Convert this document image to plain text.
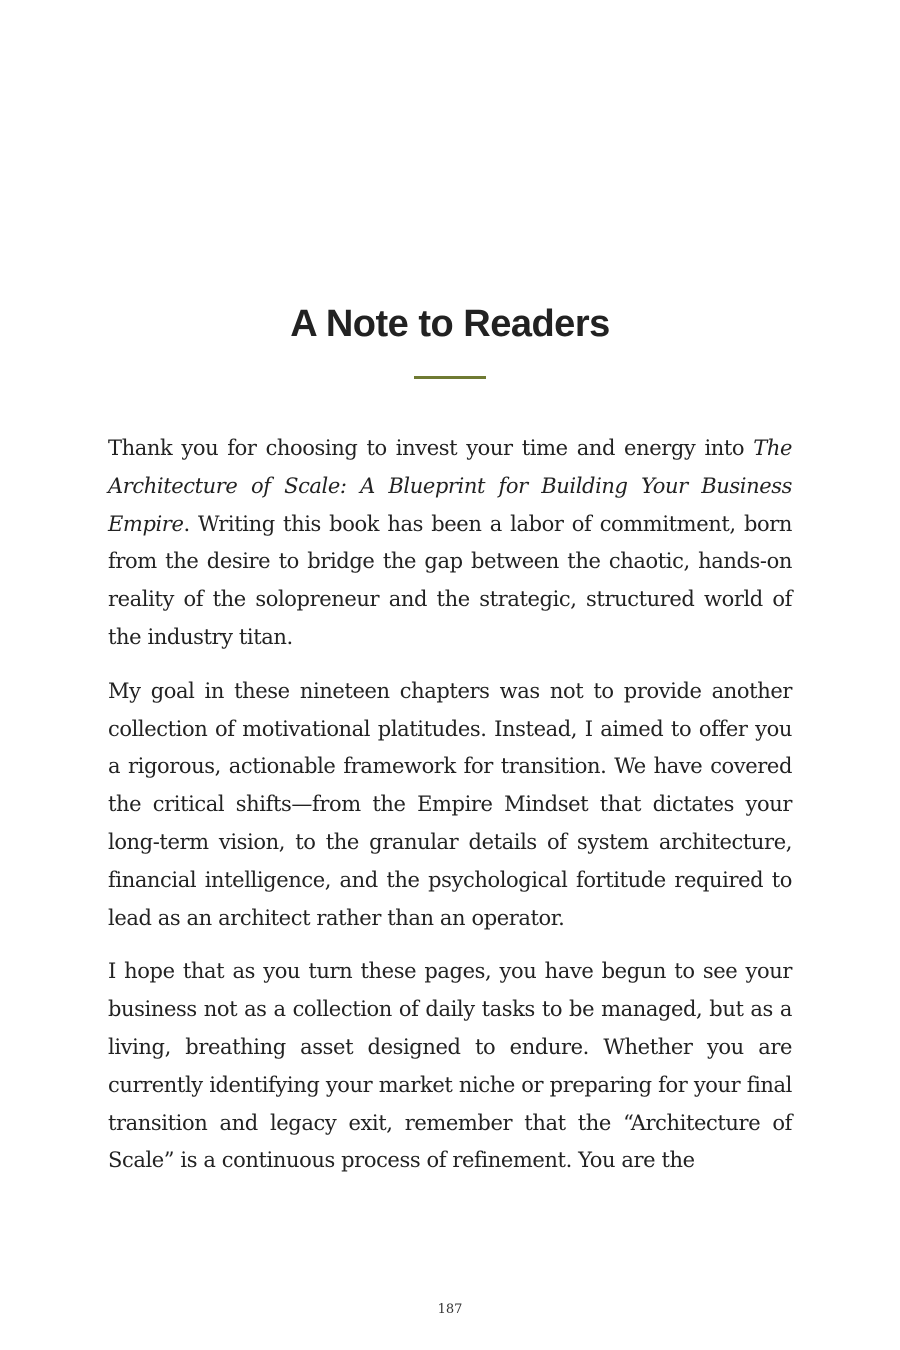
A Note to Readers

Thank you for choosing to invest your time and energy into The Architecture of Scale: A Blueprint for Building Your Business Empire. Writing this book has been a labor of commitment, born from the desire to bridge the gap between the chaotic, hands-on reality of the solopreneur and the strategic, structured world of the industry titan.

My goal in these nineteen chapters was not to provide another collection of motivational platitudes. Instead, I aimed to offer you a rigorous, actionable framework for transition. We have covered the critical shifts—from the Empire Mindset that dictates your long-term vision, to the granular details of system architecture, financial intelligence, and the psychological fortitude required to lead as an architect rather than an operator.

I hope that as you turn these pages, you have begun to see your business not as a collection of daily tasks to be managed, but as a living, breathing asset designed to endure. Whether you are currently identifying your market niche or preparing for your final transition and legacy exit, remember that the “Architecture of Scale” is a continuous process of refinement. You are the

187
